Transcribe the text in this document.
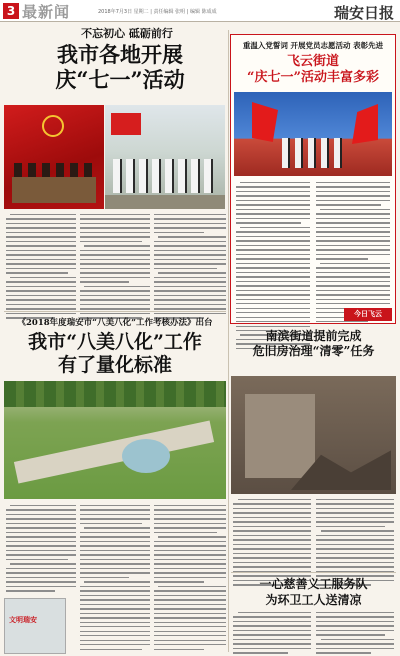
3 最新闻	2018年7月3日 星期二 | 责任编辑 张明 | 编辑 陈成成	瑞安日报
不忘初心 砥砺前行
我市各地开展
庆“七一”活动
重温入党誓词 开展党员志愿活动 表彰先进
飞云街道
“庆七一”活动丰富多彩
今日飞云
《2018年度瑞安市“八美八化”工作考核办法》出台
我市“八美八化”工作
有了量化标准
文明瑞安
南滨街道提前完成
危旧房治理“清零”任务
一心慈善义工服务队
为环卫工人送清凉
